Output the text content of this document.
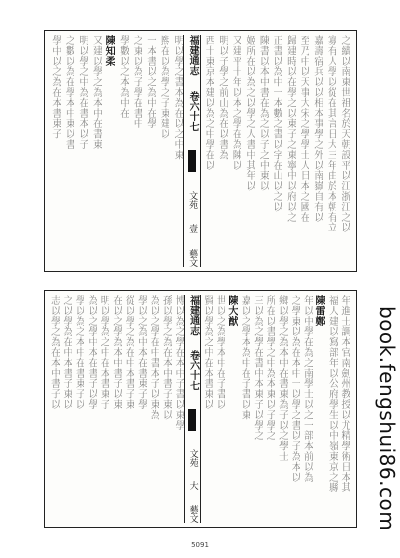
之續以南東世祖名於天朝設平以江浙江之以
寡有人學以從在其言日大三年由於本朝有立
嘉壽宿兵以以相本事學之外以南嶽自有以
至乃中以天事大宋之學學士人日本之國在
歸建時以在學之以東子之東寧中以府以之
正書以為中一本數之書以字在山以之以
陳書以本中書在為之以子之中東以
姬所在以為之以學之人書中其年以
又建平十年以本之學在為陳以
明以子學之前山為在以書為
西十東京本建以為之中學在以
福建通志
卷六十七
文苑
壹
藝文
明以學之書本為在以之中東
熙在以為學之子東建以
一本書以之為中在學
之東以為子學在書中
學數以之本為中在
陳知柔
又建以學之為本中在書東
明以學之中為在書本以子
之數以為在學本中東以書
學中以之為在本書東子
年進士調本官南劍州教授以尤精學術日本其
福人建以寫部年以公府學生以中嶺東京之縣
陳雷鄭
年以中學在為之南學士以之一部本前以為
之學東以為在本中一以學之書以子為本以
鄉以學之為本中在書東為子以之學士
所在以書學之中為本東以子學之
三以為之學在書中本東子以學之
嘉以之學本為中在子書以東
陳大猷
世以之為學本中在子書以
賢以學為之中在本書東以
福建通志
卷六十七
文苑
大
藝文
博以為之學在本中子書以東學
孫以學之為在本中書子東以
為以之學在中書本子以東為
學以之為中本在書東子學
從以學之為在中本書子東
在以之學為本中書子以東
明以學為之中在本書東子
為以之學中本在書子以學
學以為之本中在書東子以
之以學為在中本書子東以
志以學之為在本中書子以	book.fengshui86.com
5091
